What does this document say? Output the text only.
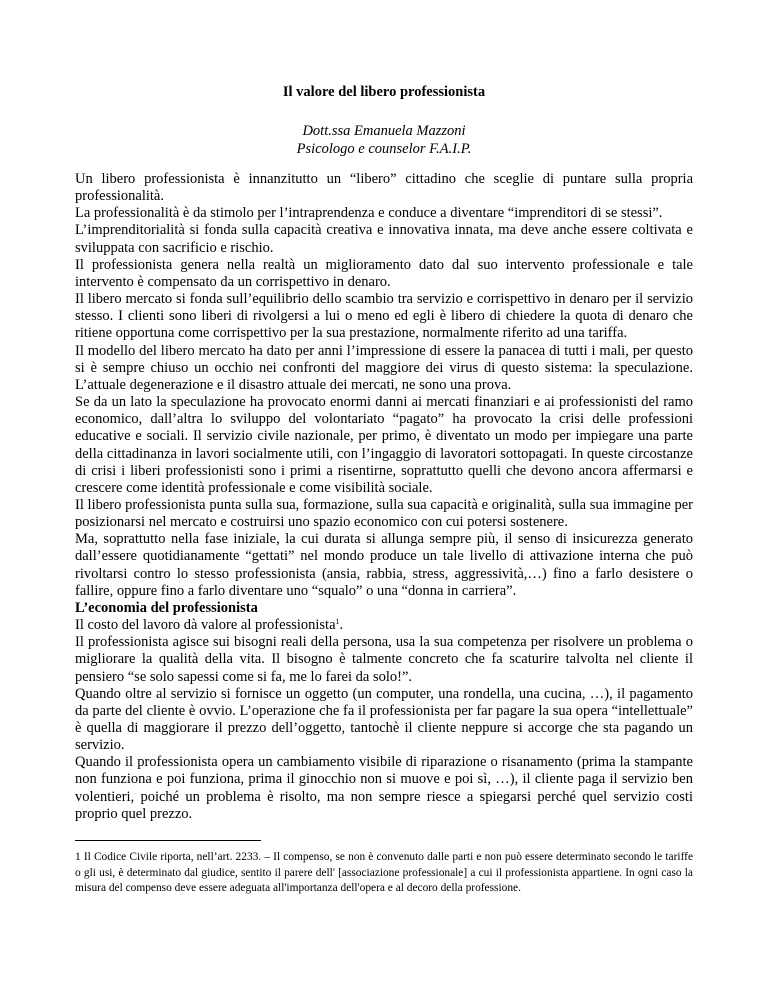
Il valore del libero professionista
Dott.ssa Emanuela Mazzoni
Psicologo e counselor F.A.I.P.

Un libero professionista è innanzitutto un “libero” cittadino che sceglie di puntare sulla propria professionalità.

La professionalità è da stimolo per l’intraprendenza e conduce a diventare “imprenditori di se stessi”.

L’imprenditorialità si fonda sulla capacità creativa e innovativa innata, ma deve anche essere coltivata e sviluppata con sacrificio e rischio.

Il professionista genera nella realtà un miglioramento dato dal suo intervento professionale e tale intervento è compensato da un corrispettivo in denaro.

Il libero mercato si fonda sull’equilibrio dello scambio tra servizio e corrispettivo in denaro per il servizio stesso. I clienti sono liberi di rivolgersi a lui o meno ed egli è libero di chiedere la quota di denaro che ritiene opportuna come corrispettivo per la sua prestazione, normalmente riferito ad una tariffa.

Il modello del libero mercato ha dato per anni l’impressione di essere la panacea di tutti i mali, per questo si è sempre chiuso un occhio nei confronti del maggiore dei virus di questo sistema: la speculazione. L’attuale degenerazione e il disastro attuale dei mercati, ne sono una prova.

Se da un lato la speculazione ha provocato enormi danni ai mercati finanziari e ai professionisti del ramo economico, dall’altra lo sviluppo del volontariato “pagato” ha provocato la crisi delle professioni educative e sociali. Il servizio civile nazionale, per primo, è diventato un modo per impiegare una parte della cittadinanza in lavori socialmente utili, con l’ingaggio di lavoratori sottopagati. In queste circostanze di crisi i liberi professionisti sono i primi a risentirne, soprattutto quelli che devono ancora affermarsi e crescere come identità professionale e come visibilità sociale.

Il libero professionista punta sulla sua, formazione, sulla sua capacità e originalità, sulla sua immagine per posizionarsi nel mercato e costruirsi uno spazio economico con cui potersi sostenere.

Ma, soprattutto nella fase iniziale, la cui durata si allunga sempre più, il senso di insicurezza generato dall’essere quotidianamente “gettati” nel mondo produce un tale livello di attivazione interna che può rivoltarsi contro lo stesso professionista (ansia, rabbia, stress, aggressività,…) fino a farlo desistere o fallire, oppure fino a farlo diventare uno “squalo” o una “donna in carriera”.

L’economia del professionista

Il costo del lavoro dà valore al professionista$^1$.

Il professionista agisce sui bisogni reali della persona, usa la sua competenza per risolvere un problema o migliorare la qualità della vita. Il bisogno è talmente concreto che fa scaturire talvolta nel cliente il pensiero “se solo sapessi come si fa, me lo farei da solo!”.

Quando oltre al servizio si fornisce un oggetto (un computer, una rondella, una cucina, …), il pagamento da parte del cliente è ovvio. L’operazione che fa il professionista per far pagare la sua opera “intellettuale” è quella di maggiorare il prezzo dell’oggetto, tantochè il cliente neppure si accorge che sta pagando un servizio.

Quando il professionista opera un cambiamento visibile di riparazione o risanamento (prima la stampante non funziona e poi funziona, prima il ginocchio non si muove e poi sì, …), il cliente paga il servizio ben volentieri, poiché un problema è risolto, ma non sempre riesce a spiegarsi perché quel servizio costi proprio quel prezzo.

1 Il Codice Civile riporta, nell’art. 2233. – Il compenso, se non è convenuto dalle parti e non può essere determinato secondo le tariffe o gli usi, è determinato dal giudice, sentito il parere dell' [associazione professionale] a cui il professionista appartiene. In ogni caso la misura del compenso deve essere adeguata all'importanza dell'opera e al decoro della professione.
